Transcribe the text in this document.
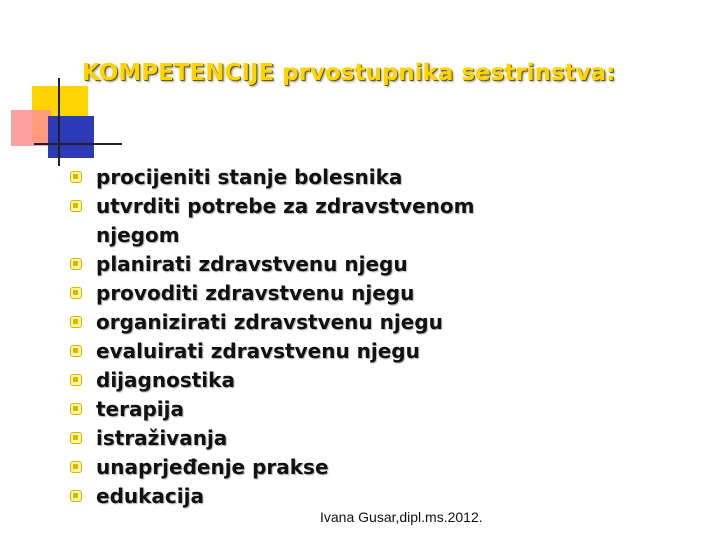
KOMPETENCIJE prvostupnika sestrinstva:
procijeniti stanje bolesnika
utvrditi potrebe za zdravstvenom njegom
planirati zdravstvenu njegu
provoditi zdravstvenu njegu
organizirati zdravstvenu njegu
evaluirati zdravstvenu njegu
dijagnostika
terapija
istraživanja
unaprjeđenje prakse
edukacija
Ivana Gusar,dipl.ms.2012.
